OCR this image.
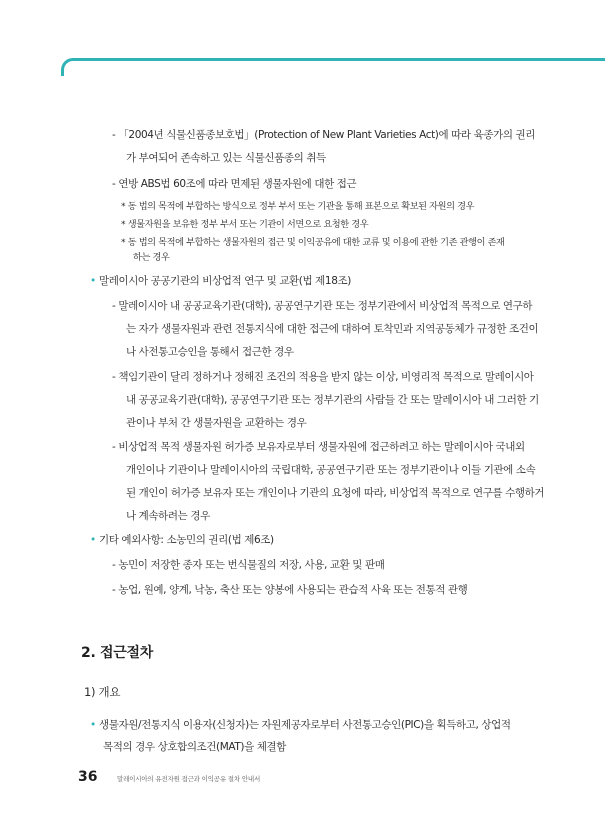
- 「2004년 식물신품종보호법」(Protection of New Plant Varieties Act)에 따라 육종가의 권리
가 부여되어 존속하고 있는 식물신품종의 취득
- 연방 ABS법 60조에 따라 면제된 생물자원에 대한 접근
* 동 법의 목적에 부합하는 방식으로 정부 부서 또는 기관을 통해 표본으로 확보된 자원의 경우
* 생물자원을 보유한 정부 부서 또는 기관이 서면으로 요청한 경우
* 동 법의 목적에 부합하는 생물자원의 접근 및 이익공유에 대한 교류 및 이용에 관한 기존 관행이 존재
하는 경우
• 말레이시아 공공기관의 비상업적 연구 및 교환(법 제18조)
- 말레이시아 내 공공교육기관(대학), 공공연구기관 또는 정부기관에서 비상업적 목적으로 연구하
는 자가 생물자원과 관련 전통지식에 대한 접근에 대하여 토착민과 지역공동체가 규정한 조건이
나 사전통고승인을 통해서 접근한 경우
- 책임기관이 달리 정하거나 정해진 조건의 적용을 받지 않는 이상, 비영리적 목적으로 말레이시아
내 공공교육기관(대학), 공공연구기관 또는 정부기관의 사람들 간 또는 말레이시아 내 그러한 기
관이나 부처 간 생물자원을 교환하는 경우
- 비상업적 목적 생물자원 허가증 보유자로부터 생물자원에 접근하려고 하는 말레이시아 국내외
개인이나 기관이나 말레이시아의 국립대학, 공공연구기관 또는 정부기관이나 이들 기관에 소속
된 개인이 허가증 보유자 또는 개인이나 기관의 요청에 따라, 비상업적 목적으로 연구를 수행하거
나 계속하려는 경우
• 기타 예외사항: 소농민의 권리(법 제6조)
- 농민이 저장한 종자 또는 번식물질의 저장, 사용, 교환 및 판매
- 농업, 원예, 양계, 낙농, 축산 또는 양봉에 사용되는 관습적 사육 또는 전통적 관행
2. 접근절차
1) 개요
• 생물자원/전통지식 이용자(신청자)는 자원제공자로부터 사전통고승인(PIC)을 획득하고, 상업적
목적의 경우 상호합의조건(MAT)을 체결함
36	말레이시아의 유전자원 접근과 이익공유 절차 안내서
